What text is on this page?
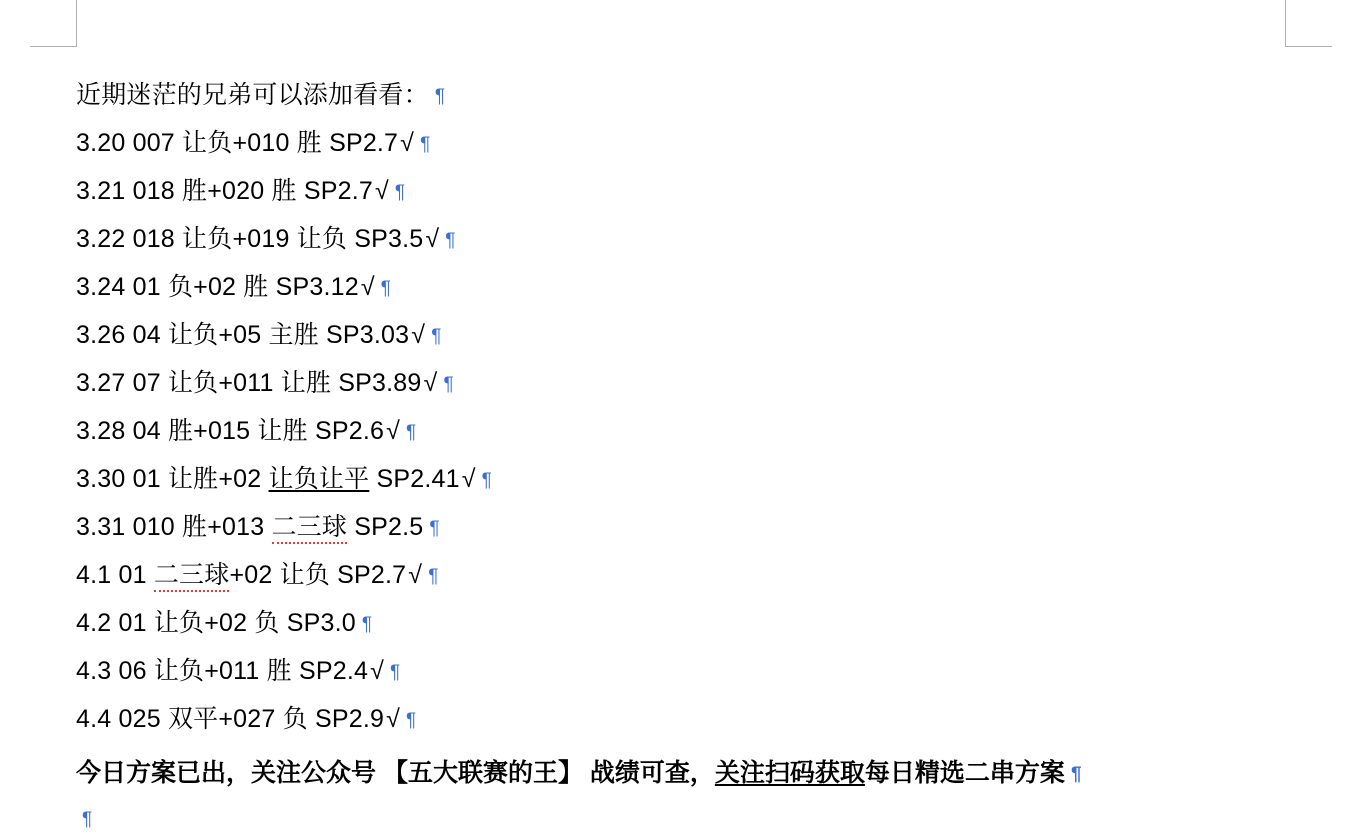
近期迷茫的兄弟可以添加看看： ¶
3.20 007 让负+010 胜 SP2.7√ ¶
3.21 018 胜+020 胜 SP2.7√ ¶
3.22 018 让负+019 让负 SP3.5√ ¶
3.24 01 负+02 胜 SP3.12√ ¶
3.26 04 让负+05 主胜 SP3.03√ ¶
3.27 07 让负+011 让胜 SP3.89√ ¶
3.28 04 胜+015 让胜 SP2.6√ ¶
3.30 01 让胜+02 让负让平 SP2.41√ ¶
3.31 010 胜+013 二三球 SP2.5 ¶
4.1 01 二三球+02 让负 SP2.7√ ¶
4.2 01 让负+02 负 SP3.0 ¶
4.3 06 让负+011 胜 SP2.4√ ¶
4.4 025 双平+027 负 SP2.9√ ¶
今日方案已出，关注公众号 【五大联赛的王】 战绩可查，关注扫码获取每日精选二串方案 ¶
¶
